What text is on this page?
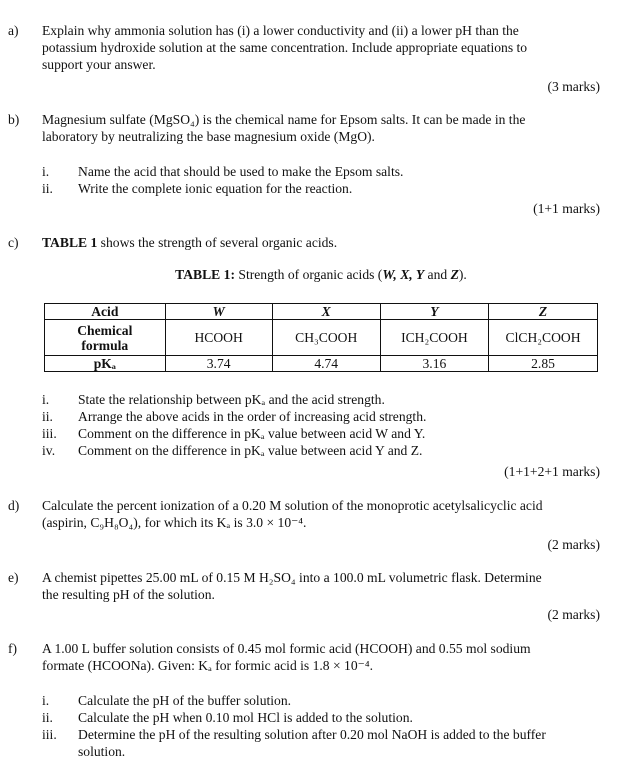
a) Explain why ammonia solution has (i) a lower conductivity and (ii) a lower pH than the
potassium hydroxide solution at the same concentration. Include appropriate equations to
support your answer.
(3 marks)
b) Magnesium sulfate (MgSO₄) is the chemical name for Epsom salts. It can be made in the
laboratory by neutralizing the base magnesium oxide (MgO).
i.	Name the acid that should be used to make the Epsom salts.
ii.	Write the complete ionic equation for the reaction.
(1+1 marks)
c) TABLE 1 shows the strength of several organic acids.
TABLE 1: Strength of organic acids (W, X, Y and Z).
Acid	W	X	Y	Z
Chemical
formula	HCOOH	CH₃COOH	ICH₂COOH	ClCH₂COOH
pKₐ	3.74	4.74	3.16	2.85
i.	State the relationship between pKₐ and the acid strength.
ii.	Arrange the above acids in the order of increasing acid strength.
iii.	Comment on the difference in pKₐ value between acid W and Y.
iv.	Comment on the difference in pKₐ value between acid Y and Z.
(1+1+2+1 marks)
d) Calculate the percent ionization of a 0.20 M solution of the monoprotic acetylsalicyclic acid
(aspirin, C₉H₈O₄), for which its Kₐ is 3.0 × 10⁻⁴.
(2 marks)
e) A chemist pipettes 25.00 mL of 0.15 M H₂SO₄ into a 100.0 mL volumetric flask. Determine
the resulting pH of the solution.
(2 marks)
f) A 1.00 L buffer solution consists of 0.45 mol formic acid (HCOOH) and 0.55 mol sodium
formate (HCOONa). Given: Kₐ for formic acid is 1.8 × 10⁻⁴.
i.	Calculate the pH of the buffer solution.
ii.	Calculate the pH when 0.10 mol HCl is added to the solution.
iii.	Determine the pH of the resulting solution after 0.20 mol NaOH is added to the buffer
solution.
